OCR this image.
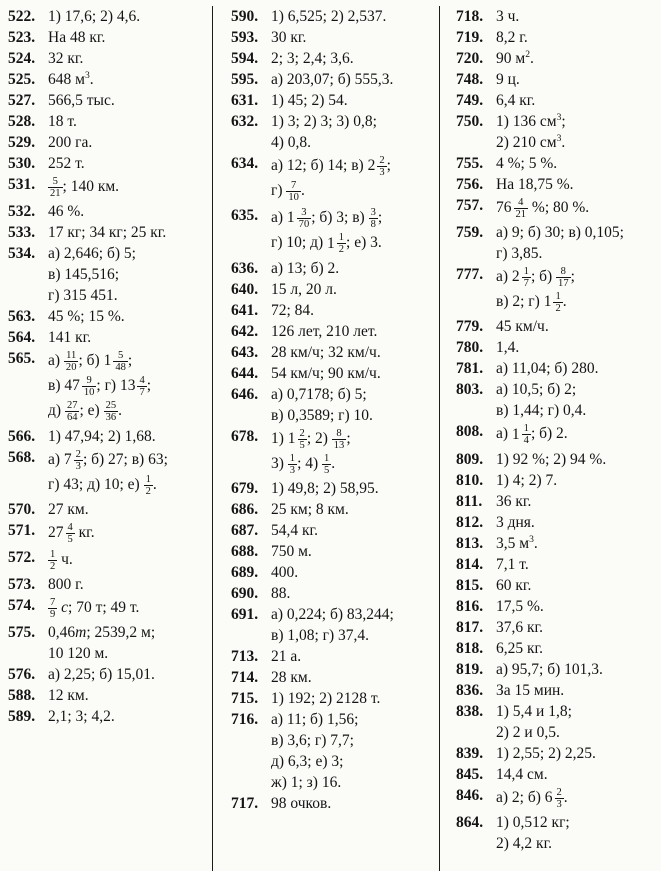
522. 1) 17,6; 2) 4,6.
523. На 48 кг.
524. 32 кг.
525. 648 $м^3$.
527. 566,5 тыс.
528. 18 т.
529. 200 га.
530. 252 т.
531.	$\frac{5}{21}$ ; 140 км.
532. 46 %.
533. 17 кг; 34 кг; 25 кг.
534. а) 2,646; б) 5;
в) 145,516;
г) 315 451.
563. 45 %; 15 %.
564. 141 кг.
565. $а) \frac{11}{20}$ ; б) $1 \frac{5}{48}$ ;
в) $47 \frac{9}{10}$ ; г) $13 \frac{4}{7}$ ;
$д) \frac{27}{64}$ ; $е) \frac{25}{36}$ .
566. 1) 47,94; 2) 1,68.
568. а) $7 \frac{2}{3}$ ; б) 27; в) 63;
г) 43; д) 10; $е) \frac{1}{2}$ .
570. 27 км.
571. $27 \frac{4}{5}$ кг.
572.	$\frac{1}{2} ч$.
573. 800 г.
574.	$\frac{7}{9} c$; 70 т; 49 т.
575. 0,46m; 2539,2 м;
10 120 м.
576. а) 2,25; б) 15,01.
588. 12 км.
589. 2,1; 3; 4,2.
590. 1) 6,525; 2) 2,537.
593. 30 кг.
594. 2; 3; 2,4; 3,6.
595. а) 203,07; б) 555,3.
631. 1) 45; 2) 54.
632. 1) 3; 2) 3; 3) 0,8;
4) 0,8.
634. а) 12; б) 14; в) $2 \frac{2}{3}$ ;
$г) \frac{7}{10}$ .
635. а) $1 \frac{3}{70}$ ; б) 3; $в) \frac{3}{8}$ ;
г) 10; д) $1 \frac{1}{2}$ ; е) 3.
636. а) 13; б) 2.
640. 15 л, 20 л.
641. 72; 84.
642. 126 лет, 210 лет.
643. 28 км/ч; 32 км/ч.
644. 54 км/ч; 90 км/ч.
646. а) 0,7178; б) 5;
в) 0,3589; г) 10.
678. 1) $1 \frac{2}{5}$ ; $2) \frac{8}{13}$ ;
$3) \frac{1}{3}$ ; $4) \frac{1}{5}$ .
679. 1) 49,8; 2) 58,95.
686. 25 км; 8 км.
687. 54,4 кг.
688. 750 м.
689. 400.
690. 88.
691. а) 0,224; б) 83,244;
в) 1,08; г) 37,4.
713. 21 а.
714. 28 км.
715. 1) 192; 2) 2128 т.
716. а) 11; б) 1,56;
в) 3,6; г) 7,7;
д) 6,3; е) 3;
ж) 1; з) 16.
717. 98 очков.
718. 3 ч.
719. 8,2 г.
720. 90 $м^2$.
748. 9 ц.
749. 6,4 кг.
750. 1) 136 $см^3$;
2) 210 $см^3$.
755. 4 %; 5 %.
756. На 18,75 %.
757. $76 \frac{4}{21}$ %; 80 %.
759. а) 9; б) 30; в) 0,105;
г) 3,85.
777. а) $2 \frac{1}{7}$ ; $б) \frac{8}{17}$ ;
в) 2; г) $1 \frac{1}{2}$ .
779. 45 км/ч.
780. 1,4.
781. а) 11,04; б) 280.
803. а) 10,5; б) 2;
в) 1,44; г) 0,4.
808. а) $1 \frac{1}{4}$ ; б) 2.
809. 1) 92 %; 2) 94 %.
810. 1) 4; 2) 7.
811. 36 кг.
812. 3 дня.
813. 3,5 $м^3$.
814. 7,1 т.
815. 60 кг.
816. 17,5 %.
817. 37,6 кг.
818. 6,25 кг.
819. а) 95,7; б) 101,3.
836. За 15 мин.
838. 1) 5,4 и 1,8;
2) 2 и 0,5.
839. 1) 2,55; 2) 2,25.
845. 14,4 см.
846. а) 2; б) $6 \frac{2}{3}$ .
864. 1) 0,512 кг;
2) 4,2 кг.
